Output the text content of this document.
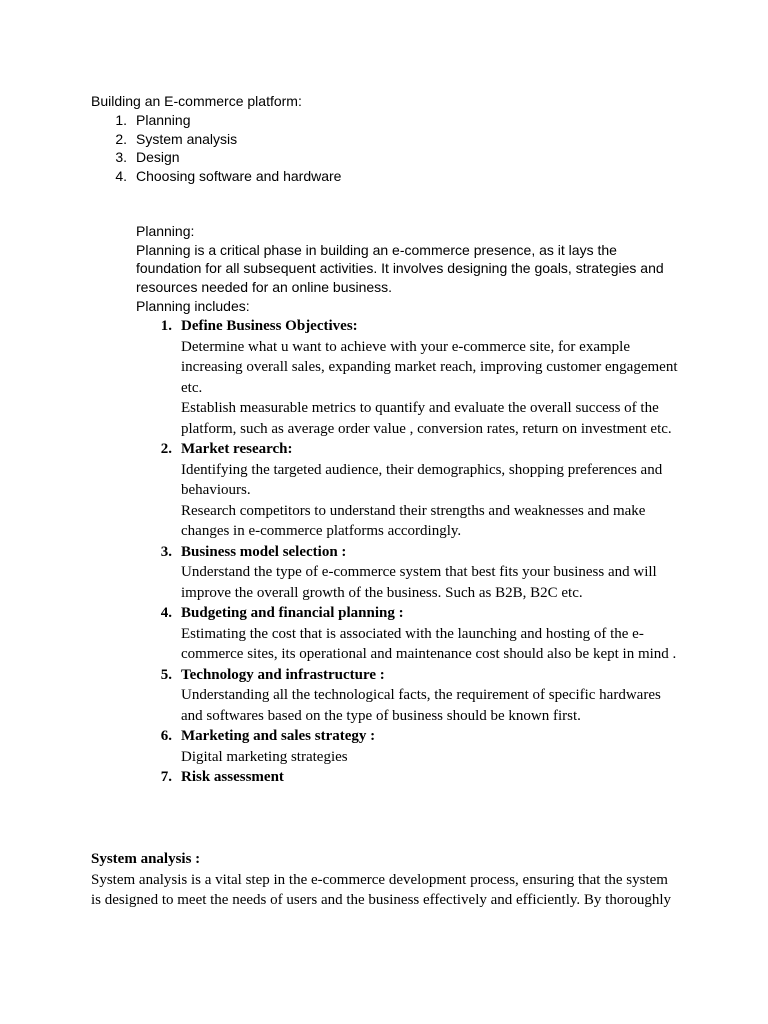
Building an E-commerce platform:
1. Planning
2. System analysis
3. Design
4. Choosing software and hardware

Planning:

Planning is a critical phase in building an e-commerce presence, as it lays the foundation for all subsequent activities. It involves designing the goals, strategies and resources needed for an online business.

Planning includes:

1. Define Business Objectives:
Determine what u want to achieve with your e-commerce site, for example increasing overall sales, expanding market reach, improving customer engagement etc.
Establish measurable metrics to quantify and evaluate the overall success of the platform, such as average order value , conversion rates, return on investment etc.
2. Market research:
Identifying the targeted audience, their demographics, shopping preferences and behaviours.
Research competitors to understand their strengths and weaknesses and make changes in e-commerce platforms accordingly.
3. Business model selection :
Understand the type of e-commerce system that best fits your business and will improve the overall growth of the business. Such as B2B, B2C etc.
4. Budgeting and financial planning :
Estimating the cost that is associated with the launching and hosting of the e-commerce sites, its operational and maintenance cost should also be kept in mind .
5. Technology and infrastructure :
Understanding all the technological facts, the requirement of specific hardwares and softwares based on the type of business should be known first.
6. Marketing and sales strategy :
Digital marketing strategies
7. Risk assessment
System analysis :
System analysis is a vital step in the e-commerce development process, ensuring that the system is designed to meet the needs of users and the business effectively and efficiently. By thoroughly
